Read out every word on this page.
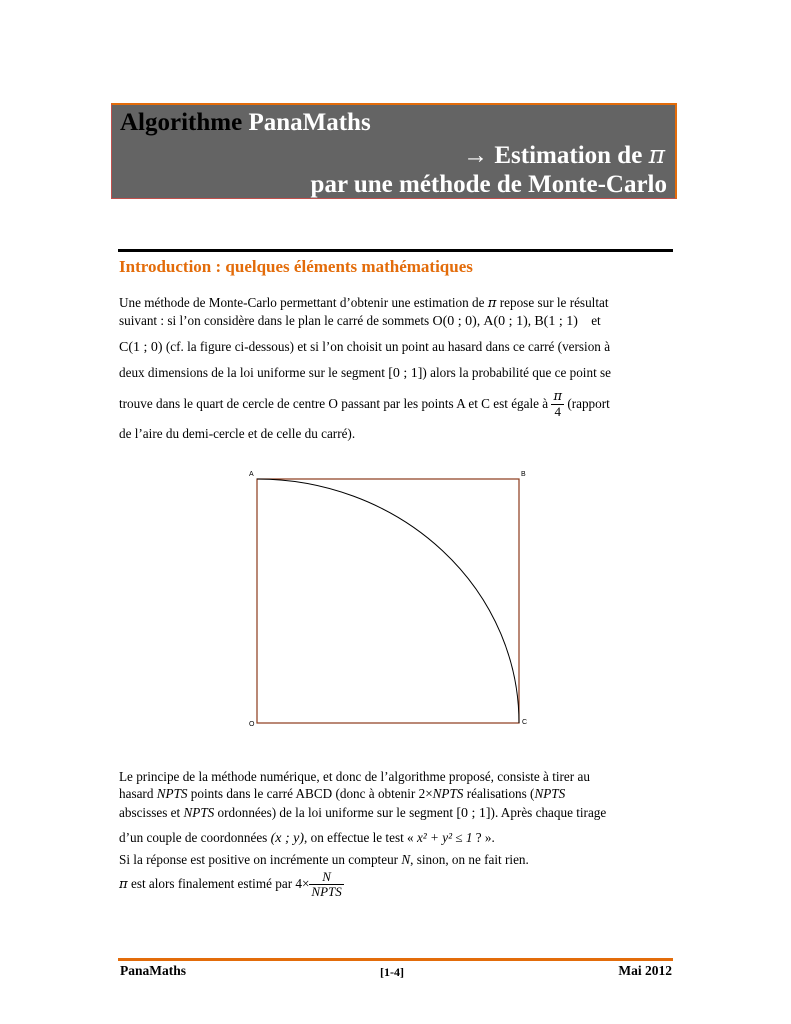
Algorithme PanaMaths
→ Estimation de π
par une méthode de Monte-Carlo
Introduction : quelques éléments mathématiques
Une méthode de Monte-Carlo permettant d’obtenir une estimation de π repose sur le résultat
suivant : si l’on considère dans le plan le carré de sommets O(0 ; 0), A(0 ; 1), B(1 ; 1) et
C(1 ; 0) (cf. la figure ci-dessous) et si l’on choisit un point au hasard dans ce carré (version à
deux dimensions de la loi uniforme sur le segment [0 ; 1]) alors la probabilité que ce point se
trouve dans le quart de cercle de centre O passant par les points A et C est égale à $\frac{\pi}{4}$ (rapport
de l’aire du demi-cercle et de celle du carré).
A	B
O	C
Le principe de la méthode numérique, et donc de l’algorithme proposé, consiste à tirer au
hasard NPTS points dans le carré ABCD (donc à obtenir 2×NPTS réalisations (NPTS
abscisses et NPTS ordonnées) de la loi uniforme sur le segment [0 ; 1]). Après chaque tirage
d’un couple de coordonnées (x ; y), on effectue le test « x² + y² ≤ 1 ? ».
Si la réponse est positive on incrémente un compteur N, sinon, on ne fait rien.
π est alors finalement estimé par $4\times \frac{N}{\text{NPTS}}$
PanaMaths	[1-4]	Mai 2012
